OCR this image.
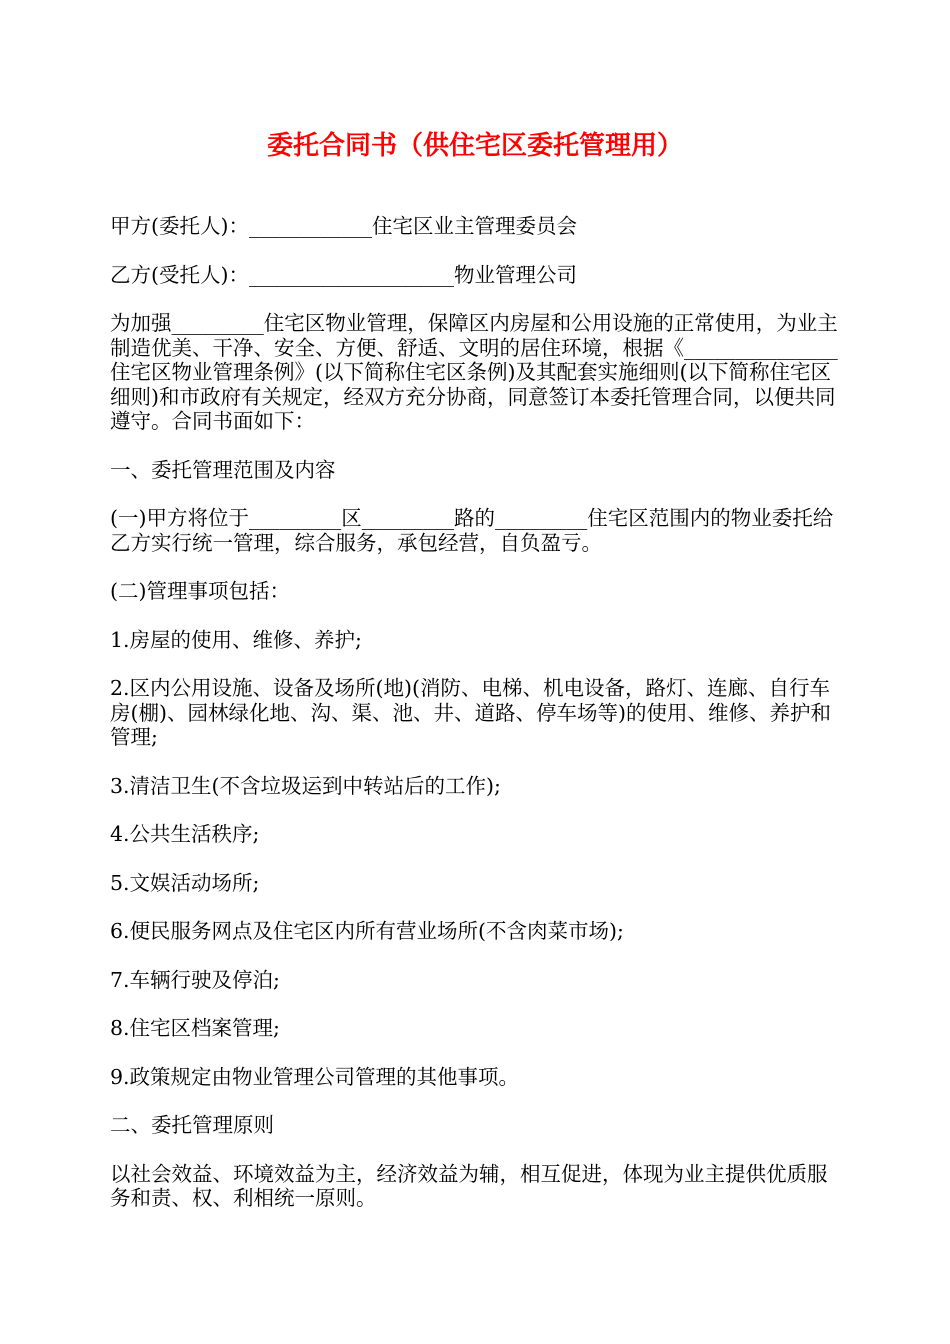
委托合同书（供住宅区委托管理用）

甲方(委托人)：____________住宅区业主管理委员会

乙方(受托人)：____________________物业管理公司

为加强_________住宅区物业管理，保障区内房屋和公用设施的正常使用，为业主制造优美、干净、安全、方便、舒适、文明的居住环境，根据《_______________住宅区物业管理条例》(以下简称住宅区条例)及其配套实施细则(以下简称住宅区细则)和市政府有关规定，经双方充分协商，同意签订本委托管理合同，以便共同遵守。合同书面如下：

一、委托管理范围及内容

(一)甲方将位于_________区_________路的_________住宅区范围内的物业委托给乙方实行统一管理，综合服务，承包经营，自负盈亏。

(二)管理事项包括：

1.房屋的使用、维修、养护;

2.区内公用设施、设备及场所(地)(消防、电梯、机电设备，路灯、连廊、自行车房(棚)、园林绿化地、沟、渠、池、井、道路、停车场等)的使用、维修、养护和管理;

3.清洁卫生(不含垃圾运到中转站后的工作);

4.公共生活秩序;

5.文娱活动场所;

6.便民服务网点及住宅区内所有营业场所(不含肉菜市场);

7.车辆行驶及停泊;

8.住宅区档案管理;

9.政策规定由物业管理公司管理的其他事项。

二、委托管理原则

以社会效益、环境效益为主，经济效益为辅，相互促进，体现为业主提供优质服务和责、权、利相统一原则。
